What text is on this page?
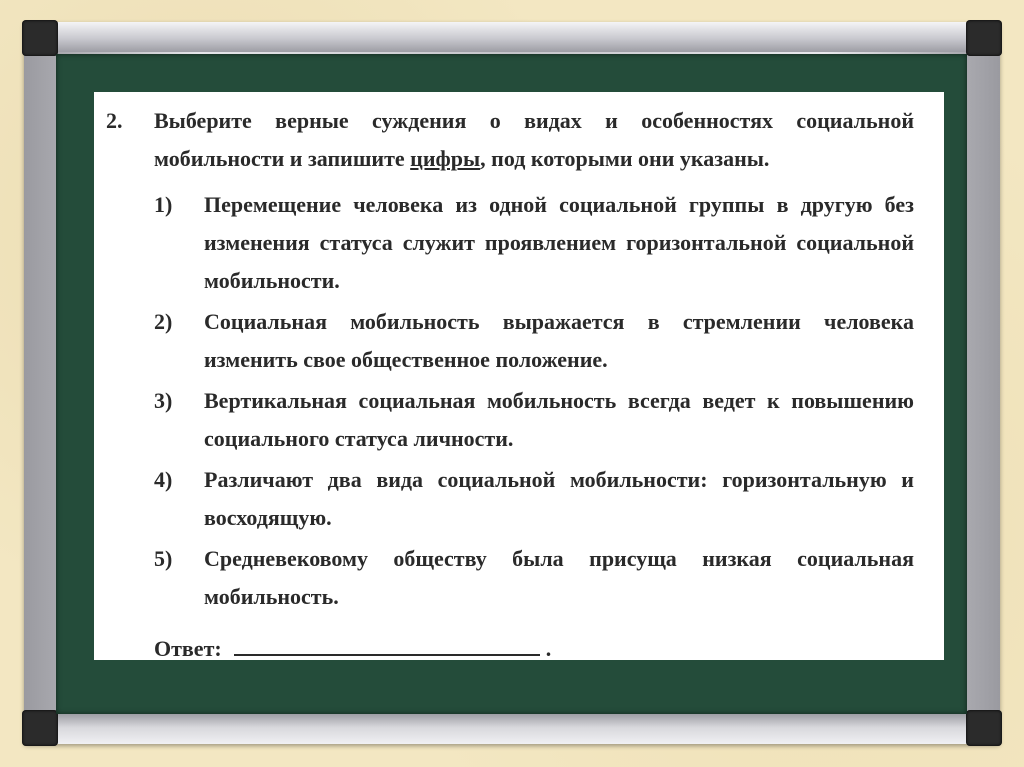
2.	Выберите верные суждения о видах и особенностях социальной мобильности и запишите цифры, под которыми они указаны.
1)	Перемещение человека из одной социальной группы в другую без изменения статуса служит проявлением горизонтальной социальной мобильности.
2)	Социальная мобильность выражается в стремлении человека изменить свое общественное положение.
3)	Вертикальная социальная мобильность всегда ведет к повышению социального статуса личности.
4)	Различают два вида социальной мобильности: горизонтальную и восходящую.
5)	Средневековому обществу была присуща низкая социальная мобильность.
Ответ:	.
